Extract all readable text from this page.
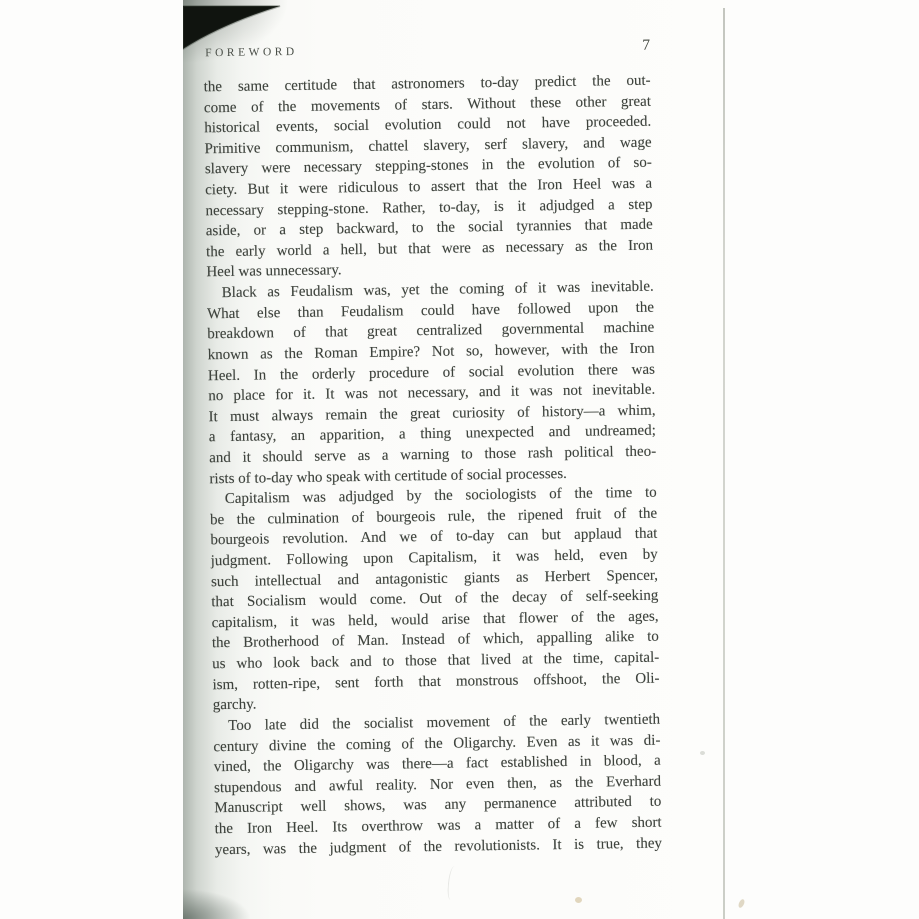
FOREWORD	7
the same certitude that astronomers to-day predict the out-
come of the movements of stars. Without these other great
historical events, social evolution could not have proceeded.
Primitive communism, chattel slavery, serf slavery, and wage
slavery were necessary stepping-stones in the evolution of so-
ciety. But it were ridiculous to assert that the Iron Heel was a
necessary stepping-stone. Rather, to-day, is it adjudged a step
aside, or a step backward, to the social tyrannies that made
the early world a hell, but that were as necessary as the Iron
Heel was unnecessary.
Black as Feudalism was, yet the coming of it was inevitable.
What else than Feudalism could have followed upon the
breakdown of that great centralized governmental machine
known as the Roman Empire? Not so, however, with the Iron
Heel. In the orderly procedure of social evolution there was
no place for it. It was not necessary, and it was not inevitable.
It must always remain the great curiosity of history—a whim,
a fantasy, an apparition, a thing unexpected and undreamed;
and it should serve as a warning to those rash political theo-
rists of to-day who speak with certitude of social processes.
Capitalism was adjudged by the sociologists of the time to
be the culmination of bourgeois rule, the ripened fruit of the
bourgeois revolution. And we of to-day can but applaud that
judgment. Following upon Capitalism, it was held, even by
such intellectual and antagonistic giants as Herbert Spencer,
that Socialism would come. Out of the decay of self-seeking
capitalism, it was held, would arise that flower of the ages,
the Brotherhood of Man. Instead of which, appalling alike to
us who look back and to those that lived at the time, capital-
ism, rotten-ripe, sent forth that monstrous offshoot, the Oli-
garchy.
Too late did the socialist movement of the early twentieth
century divine the coming of the Oligarchy. Even as it was di-
vined, the Oligarchy was there—a fact established in blood, a
stupendous and awful reality. Nor even then, as the Everhard
Manuscript well shows, was any permanence attributed to
the Iron Heel. Its overthrow was a matter of a few short
years, was the judgment of the revolutionists. It is true, they
